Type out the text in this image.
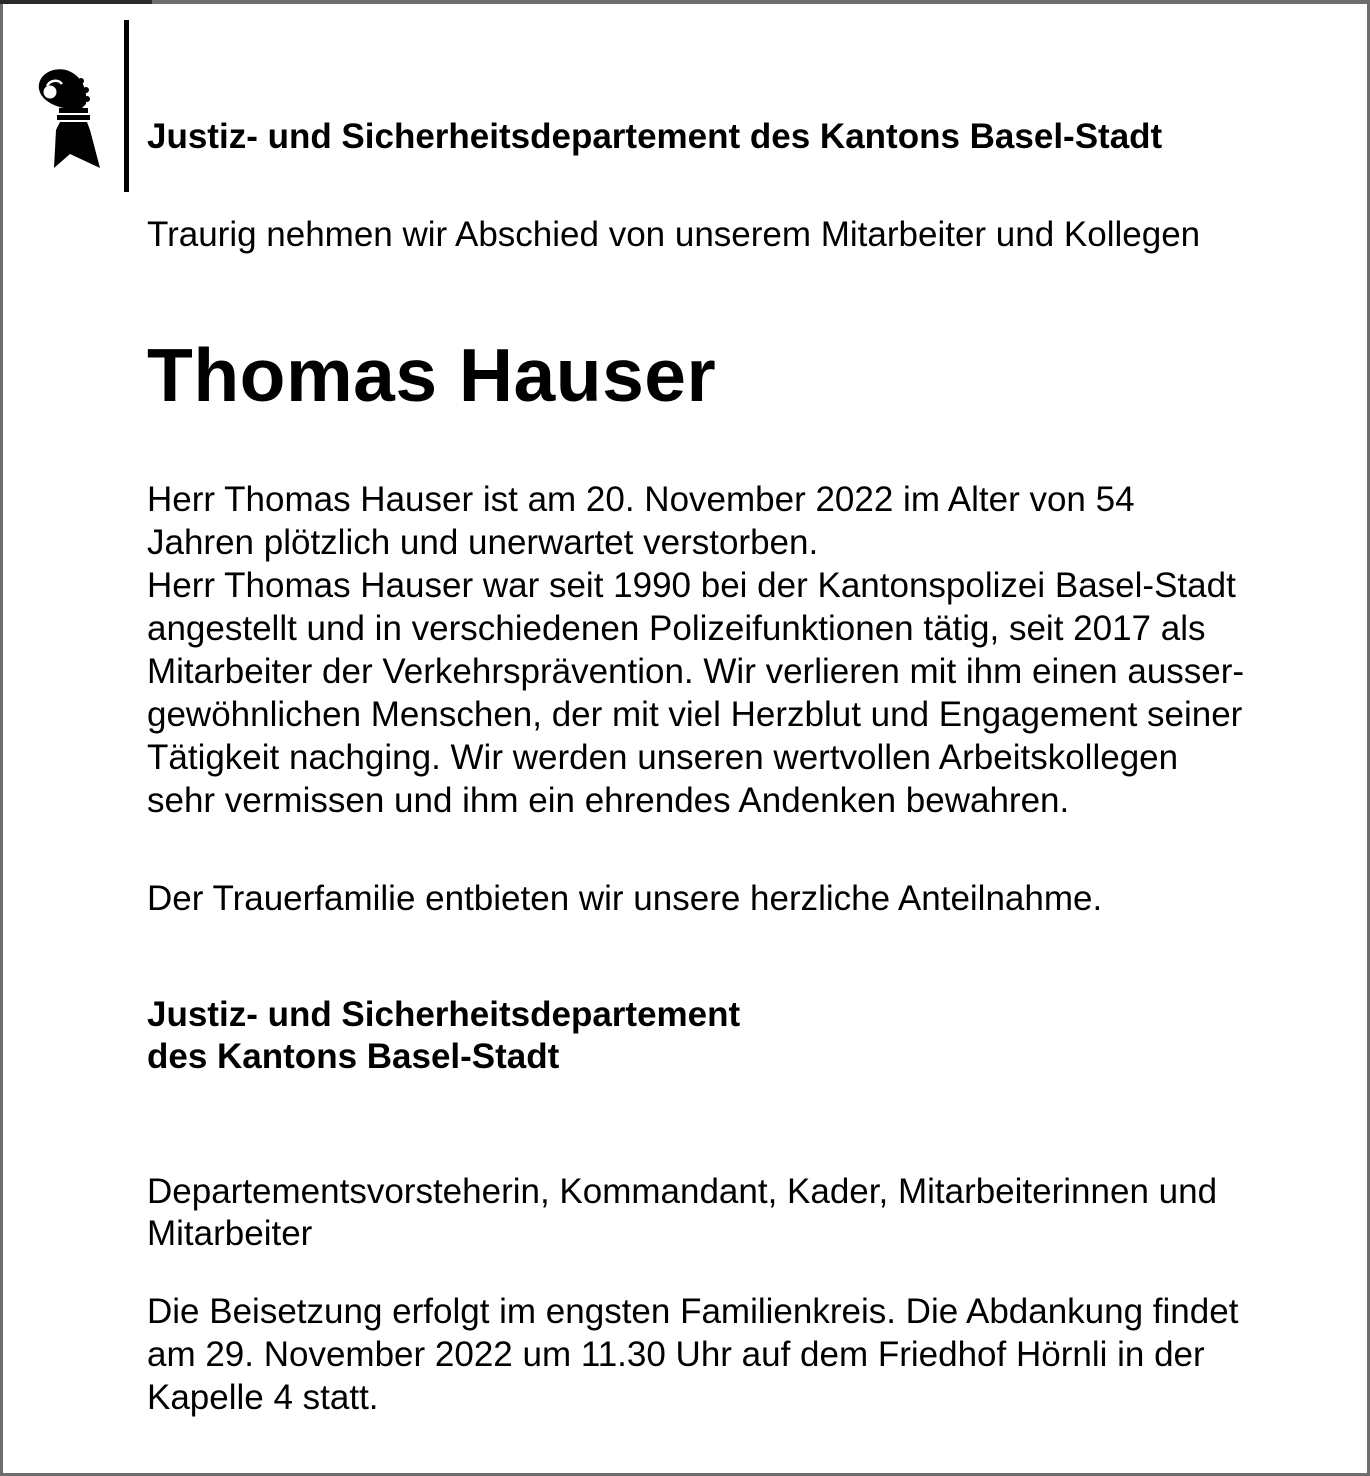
Justiz- und Sicherheitsdepartement des Kantons Basel-Stadt

Traurig nehmen wir Abschied von unserem Mitarbeiter und Kollegen

Thomas Hauser
Herr Thomas Hauser ist am 20. November 2022 im Alter von 54
Jahren plötzlich und unerwartet verstorben.
Herr Thomas Hauser war seit 1990 bei der Kantonspolizei Basel-Stadt
angestellt und in verschiedenen Polizeifunktionen tätig, seit 2017 als
Mitarbeiter der Verkehrsprävention. Wir verlieren mit ihm einen ausser-
gewöhnlichen Menschen, der mit viel Herzblut und Engagement seiner
Tätigkeit nachging. Wir werden unseren wertvollen Arbeitskollegen
sehr vermissen und ihm ein ehrendes Andenken bewahren.

Der Trauerfamilie entbieten wir unsere herzliche Anteilnahme.

Justiz- und Sicherheitsdepartement
des Kantons Basel-Stadt
Departementsvorsteherin, Kommandant, Kader, Mitarbeiterinnen und
Mitarbeiter
Die Beisetzung erfolgt im engsten Familienkreis. Die Abdankung findet
am 29. November 2022 um 11.30 Uhr auf dem Friedhof Hörnli in der
Kapelle 4 statt.
